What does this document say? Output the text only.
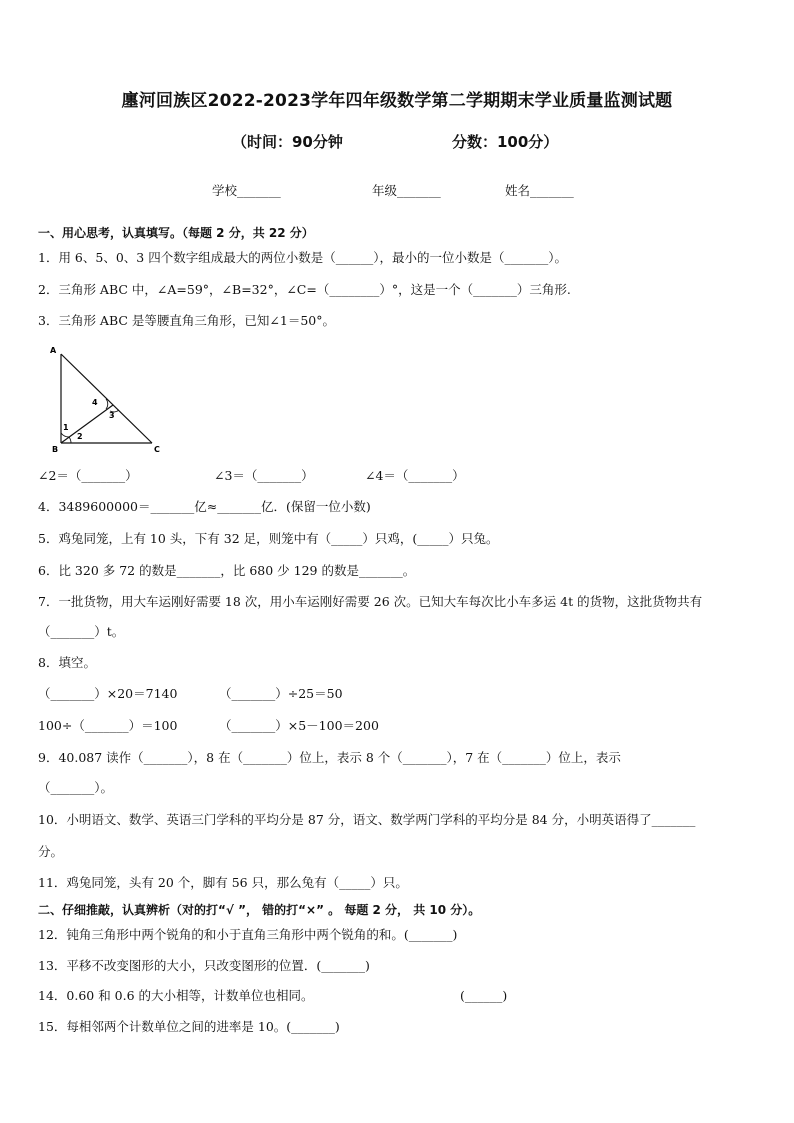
廛河回族区2022-2023学年四年级数学第二学期期末学业质量监测试题
（时间：90分钟	分数：100分）
学校_______	年级_______	姓名_______
一、用心思考，认真填写。（每题 2 分，共 22 分）
1．用 6、5、0、3 四个数字组成最大的两位小数是（______），最小的一位小数是（_______）。
2．三角形 ABC 中，∠A=59°，∠B=32°，∠C=（________）°，这是一个（_______）三角形.
3．三角形 ABC 是等腰直角三角形，已知∠1＝50°。
A
B	C
1
2
3
4
∠2＝（_______）	∠3＝（_______）	∠4＝（_______）
4．3489600000＝_______亿≈_______亿．(保留一位小数)
5．鸡兔同笼，上有 10 头，下有 32 足，则笼中有（_____）只鸡，(_____）只兔。
6．比 320 多 72 的数是_______，比 680 少 129 的数是_______。
7．一批货物，用大车运刚好需要 18 次，用小车运刚好需要 26 次。已知大车每次比小车多运 4t 的货物，这批货物共有
（_______）t。
8．填空。
（_______）×20＝7140	（_______）÷25＝50
100÷（_______）＝100	（_______）×5－100＝200
9．40.087 读作（_______），8 在（_______）位上，表示 8 个（_______），7 在（_______）位上，表示
（_______）。
10．小明语文、数学、英语三门学科的平均分是 87 分，语文、数学两门学科的平均分是 84 分，小明英语得了_______
分。
11．鸡兔同笼，头有 20 个，脚有 56 只，那么兔有（_____）只。
二、仔细推敲，认真辨析（对的打“√ ”， 错的打“×” 。 每题 2 分， 共 10 分）。
12．钝角三角形中两个锐角的和小于直角三角形中两个锐角的和。(_______)
13．平移不改变图形的大小，只改变图形的位置．(_______)
14．0.60 和 0.6 的大小相等，计数单位也相同。	(______)
15．每相邻两个计数单位之间的进率是 10。(_______)
